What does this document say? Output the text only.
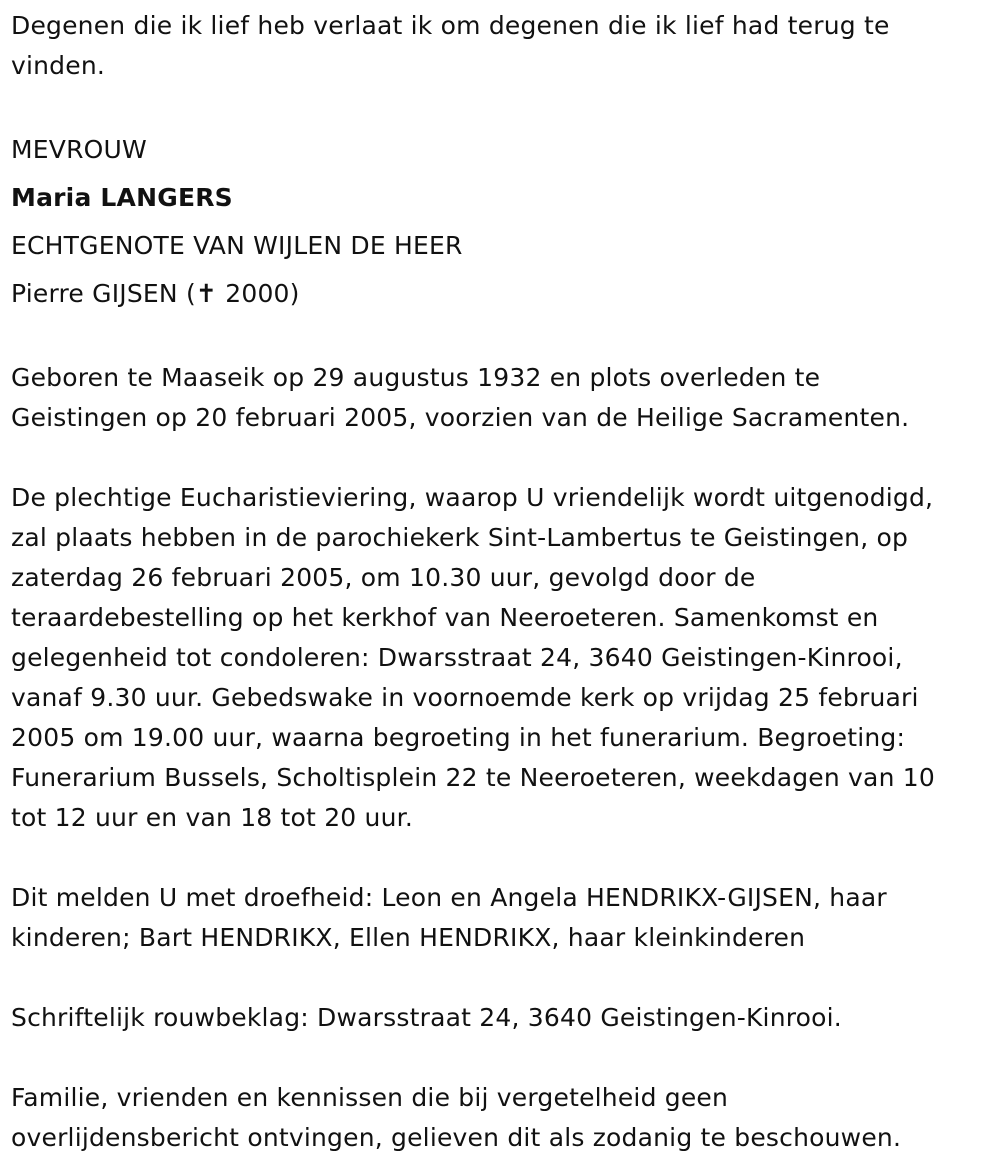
Degenen die ik lief heb verlaat ik om degenen die ik lief had terug te
vinden.
MEVROUW
Maria LANGERS
ECHTGENOTE VAN WIJLEN DE HEER
Pierre GIJSEN (✝ 2000)
Geboren te Maaseik op 29 augustus 1932 en plots overleden te
Geistingen op 20 februari 2005, voorzien van de Heilige Sacramenten.
De plechtige Eucharistieviering, waarop U vriendelijk wordt uitgenodigd,
zal plaats hebben in de parochiekerk Sint-Lambertus te Geistingen, op
zaterdag 26 februari 2005, om 10.30 uur, gevolgd door de
teraardebestelling op het kerkhof van Neeroeteren. Samenkomst en
gelegenheid tot condoleren: Dwarsstraat 24, 3640 Geistingen-Kinrooi,
vanaf 9.30 uur. Gebedswake in voornoemde kerk op vrijdag 25 februari
2005 om 19.00 uur, waarna begroeting in het funerarium. Begroeting:
Funerarium Bussels, Scholtisplein 22 te Neeroeteren, weekdagen van 10
tot 12 uur en van 18 tot 20 uur.
Dit melden U met droefheid: Leon en Angela HENDRIKX-GIJSEN, haar
kinderen; Bart HENDRIKX, Ellen HENDRIKX, haar kleinkinderen
Schriftelijk rouwbeklag: Dwarsstraat 24, 3640 Geistingen-Kinrooi.
Familie, vrienden en kennissen die bij vergetelheid geen
overlijdensbericht ontvingen, gelieven dit als zodanig te beschouwen.
